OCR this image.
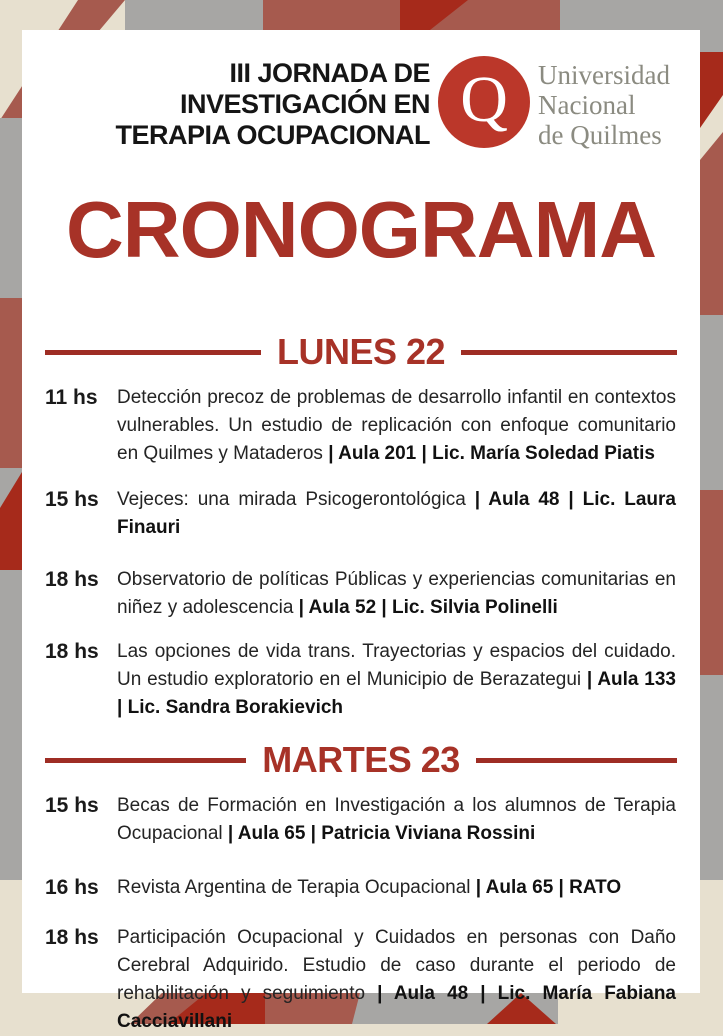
III JORNADA DE
INVESTIGACIÓN EN
TERAPIA OCUPACIONAL Q Universidad
Nacional
de Quilmes
CRONOGRAMA
LUNES 22
11 hs	Detección precoz de problemas de desarrollo infantil en contextos vulnerables. Un estudio de replicación con enfoque comunitario en Quilmes y Mataderos | Aula 201 | Lic. María Soledad Piatis

15 hs Vejeces: una mirada Psicogerontológica | Aula 48 | Lic. Laura Finauri

18 hs Observatorio de políticas Públicas y experiencias comunitarias en niñez y adolescencia | Aula 52 | Lic. Silvia Polinelli

18 hs Las opciones de vida trans. Trayectorias y espacios del cuidado. Un estudio exploratorio en el Municipio de Berazategui | Aula 133 | Lic. Sandra Borakievich

MARTES 23
15 hs Becas de Formación en Investigación a los alumnos de Terapia Ocupacional | Aula 65 | Patricia Viviana Rossini

16 hs Revista Argentina de Terapia Ocupacional | Aula 65 | RATO

18 hs Participación Ocupacional y Cuidados en personas con Daño Cerebral Adquirido. Estudio de caso durante el periodo de rehabilitación y seguimiento | Aula 48 | Lic. María Fabiana Cacciavillani
